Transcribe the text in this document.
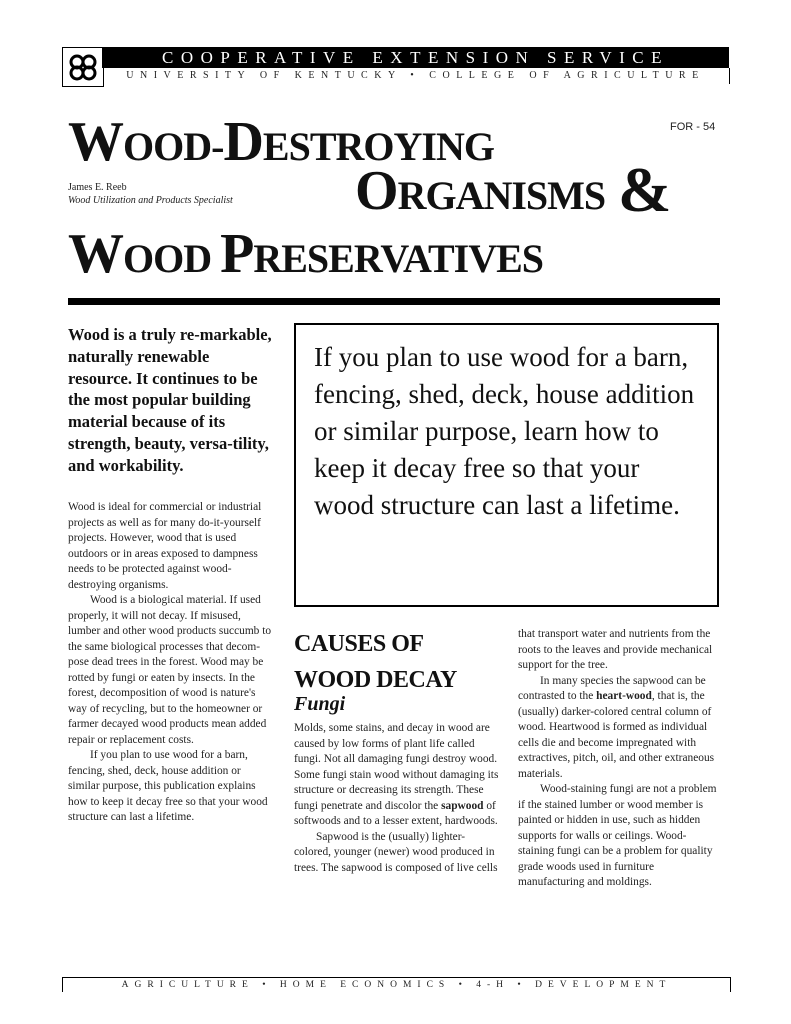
COOPERATIVE EXTENSION SERVICE
UNIVERSITY OF KENTUCKY • COLLEGE OF AGRICULTURE
FOR - 54
WOOD-DESTROYING
ORGANISMS &
WOOD PRESERVATIVES
James E. Reeb
Wood Utilization and Products Specialist
Wood is a truly re-markable, naturally renewable resource. It continues to be the most popular building material because of its strength, beauty, versa-tility, and workability.

Wood is ideal for commercial or industrial projects as well as for many do-it-yourself projects. However, wood that is used outdoors or in areas exposed to dampness needs to be protected against wood-destroying organisms.

Wood is a biological material. If used properly, it will not decay. If misused, lumber and other wood products succumb to the same biological processes that decom-pose dead trees in the forest. Wood may be rotted by fungi or eaten by insects. In the forest, decomposition of wood is nature's way of recycling, but to the homeowner or farmer decayed wood products mean added repair or replacement costs.

If you plan to use wood for a barn, fencing, shed, deck, house addition or similar purpose, this publication explains how to keep it decay free so that your wood structure can last a lifetime.

If you plan to use wood for a barn, fencing, shed, deck, house addition or similar purpose, learn how to keep it decay free so that your wood structure can last a lifetime.
CAUSES OF WOOD DECAY
Fungi

Molds, some stains, and decay in wood are caused by low forms of plant life called fungi. Not all damaging fungi destroy wood. Some fungi stain wood without damaging its structure or decreasing its strength. These fungi penetrate and discolor the sapwood of softwoods and to a lesser extent, hardwoods.

Sapwood is the (usually) lighter-colored, younger (newer) wood produced in trees. The sapwood is composed of live cells

that transport water and nutrients from the roots to the leaves and provide mechanical support for the tree.

In many species the sapwood can be contrasted to the heart-wood, that is, the (usually) darker-colored central column of wood. Heartwood is formed as individual cells die and become impregnated with extractives, pitch, oil, and other extraneous materials.

Wood-staining fungi are not a problem if the stained lumber or wood member is painted or hidden in use, such as hidden supports for walls or ceilings. Wood-staining fungi can be a problem for quality grade woods used in furniture manufacturing and moldings.

AGRICULTURE • HOME ECONOMICS • 4-H • DEVELOPMENT
